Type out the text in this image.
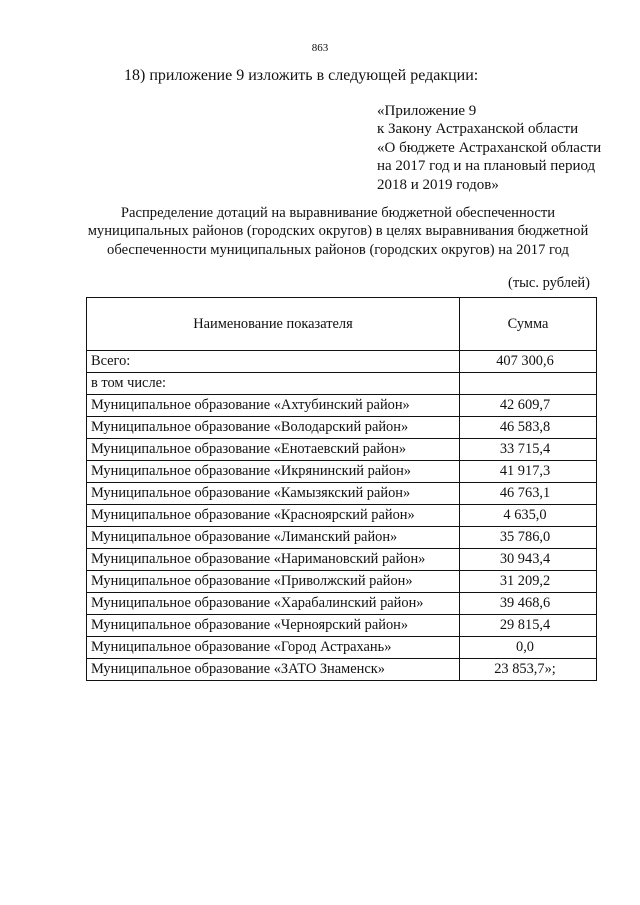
863
18) приложение 9 изложить в следующей редакции:
«Приложение 9
к Закону Астраханской области
«О бюджете Астраханской области
на 2017 год и на плановый период
2018 и 2019 годов»
Распределение дотаций на выравнивание бюджетной обеспеченности
муниципальных районов (городских округов) в целях выравнивания бюджетной
обеспеченности муниципальных районов (городских округов) на 2017 год
(тыс. рублей)
Наименование показателя	Сумма
Всего:	407 300,6
в том числе:	
Муниципальное образование «Ахтубинский район»	42 609,7
Муниципальное образование «Володарский район»	46 583,8
Муниципальное образование «Енотаевский район»	33 715,4
Муниципальное образование «Икрянинский район»	41 917,3
Муниципальное образование «Камызякский район»	46 763,1
Муниципальное образование «Красноярский район»	4 635,0
Муниципальное образование «Лиманский район»	35 786,0
Муниципальное образование «Наримановский район»	30 943,4
Муниципальное образование «Приволжский район»	31 209,2
Муниципальное образование «Харабалинский район»	39 468,6
Муниципальное образование «Черноярский район»	29 815,4
Муниципальное образование «Город Астрахань»	0,0
Муниципальное образование «ЗАТО Знаменск»	23 853,7»;
